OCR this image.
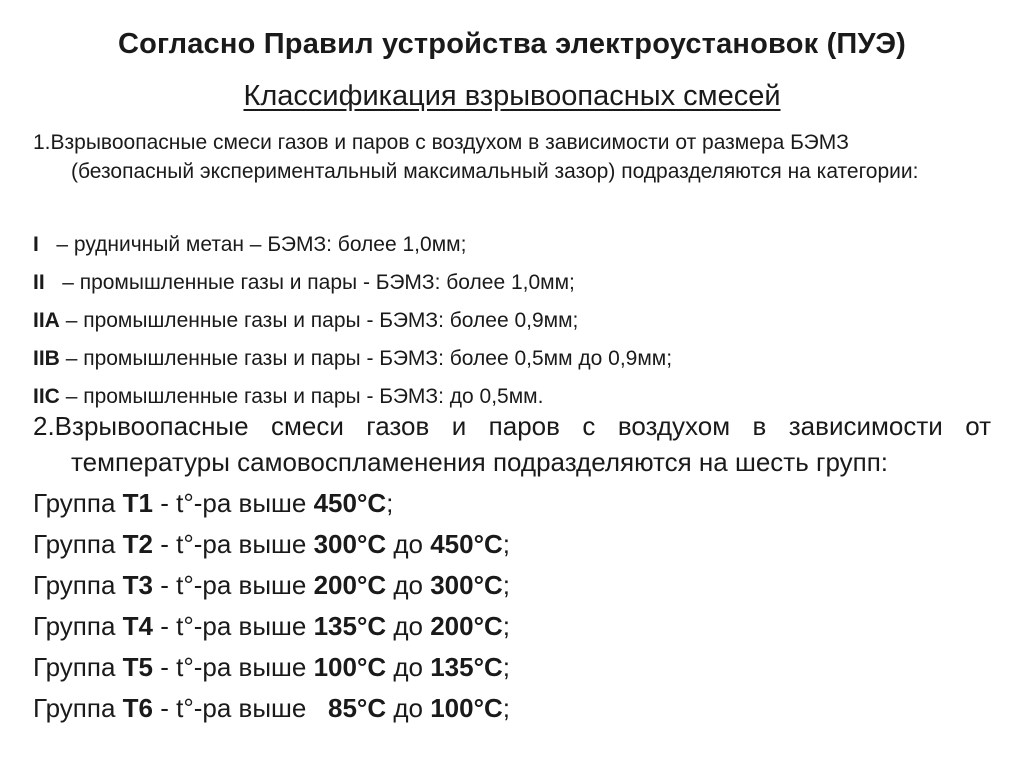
Согласно Правил устройства электроустановок (ПУЭ)
Классификация взрывоопасных смесей
1.Взрывоопасные смеси газов и паров с воздухом в зависимости от размера БЭМЗ
(безопасный экспериментальный максимальный зазор) подразделяются на категории:
I – рудничный метан – БЭМЗ: более 1,0мм;
II – промышленные газы и пары - БЭМЗ: более 1,0мм;
IIA – промышленные газы и пары - БЭМЗ: более 0,9мм;
IIB – промышленные газы и пары - БЭМЗ: более 0,5мм до 0,9мм;
IIC – промышленные газы и пары - БЭМЗ: до 0,5мм.
2.Взрывоопасные смеси газов и паров с воздухом в зависимости от
температуры самовоспламенения подразделяются на шесть групп:
Группа T1 - t°-ра выше 450°С;
Группа T2 - t°-ра выше 300°С до 450°С;
Группа T3 - t°-ра выше 200°С до 300°С;
Группа T4 - t°-ра выше 135°С до 200°С;
Группа T5 - t°-ра выше 100°С до 135°С;
Группа T6 - t°-ра выше   85°С до 100°С;
